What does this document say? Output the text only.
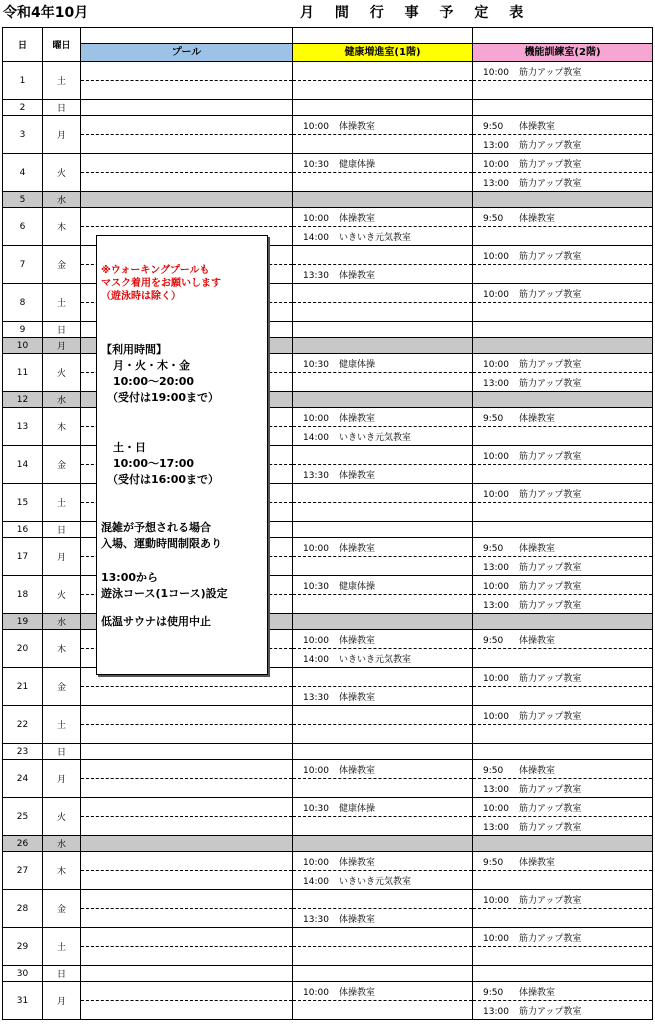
令和4年10月	月 間 行 事 予 定 表
日	曜日	プール	健康増進室(1階)	機能訓練室(2階)

1	土			10:00 筋力アップ教室

2	日			
3	月		10:00 体操教室	9:50 体操教室
				13:00 筋力アップ教室
4	火		10:30 健康体操	10:00 筋力アップ教室
				13:00 筋力アップ教室
5	水			
6	木		10:00 体操教室	9:50 体操教室
			14:00 いきいき元気教室	
7	金			10:00 筋力アップ教室
			13:30 体操教室	
8	土			10:00 筋力アップ教室

9	日			
10	月			
11	火		10:30 健康体操	10:00 筋力アップ教室
				13:00 筋力アップ教室
12	水			
13	木		10:00 体操教室	9:50 体操教室
			14:00 いきいき元気教室	
14	金			10:00 筋力アップ教室
			13:30 体操教室	
15	土			10:00 筋力アップ教室

16	日			
17	月		10:00 体操教室	9:50 体操教室
				13:00 筋力アップ教室
18	火		10:30 健康体操	10:00 筋力アップ教室
				13:00 筋力アップ教室
19	水			
20	木		10:00 体操教室	9:50 体操教室
			14:00 いきいき元気教室	
21	金			10:00 筋力アップ教室
			13:30 体操教室	
22	土			10:00 筋力アップ教室

23	日			
24	月		10:00 体操教室	9:50 体操教室
				13:00 筋力アップ教室
25	火		10:30 健康体操	10:00 筋力アップ教室
				13:00 筋力アップ教室
26	水			
27	木		10:00 体操教室	9:50 体操教室
			14:00 いきいき元気教室	
28	金			10:00 筋力アップ教室
			13:30 体操教室	
29	土			10:00 筋力アップ教室

30	日			
31	月		10:00 体操教室	9:50 体操教室
				13:00 筋力アップ教室
※ウォーキングプールも
マスク着用をお願いします
（遊泳時は除く）
【利用時間】
月・火・木・金
10:00～20:00
（受付は19:00まで）
土・日
10:00～17:00
（受付は16:00まで）
混雑が予想される場合
入場、運動時間制限あり
13:00から
遊泳コース(1コース)設定
低温サウナは使用中止
